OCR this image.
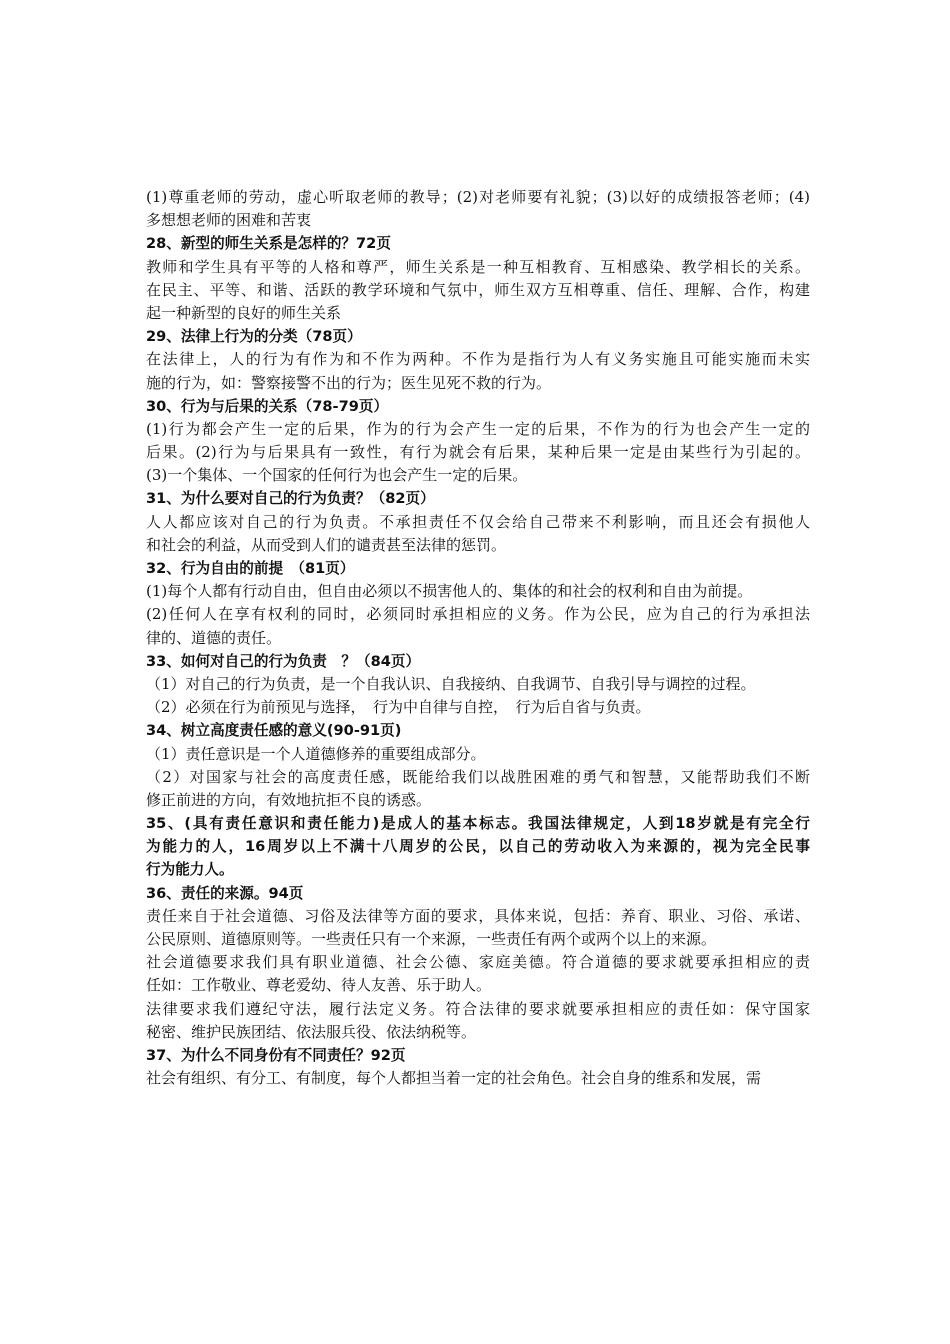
(1)尊重老师的劳动，虚心听取老师的教导；(2)对老师要有礼貌；(3)以好的成绩报答老师；(4)
多想想老师的困难和苦衷
28、新型的师生关系是怎样的？72页
教师和学生具有平等的人格和尊严，师生关系是一种互相教育、互相感染、教学相长的关系。
在民主、平等、和谐、活跃的教学环境和气氛中，师生双方互相尊重、信任、理解、合作，构建
起一种新型的良好的师生关系
29、法律上行为的分类（78页）
在法律上，人的行为有作为和不作为两种。不作为是指行为人有义务实施且可能实施而未实
施的行为，如：警察接警不出的行为；医生见死不救的行为。
30、行为与后果的关系（78-79页）
(1)行为都会产生一定的后果，作为的行为会产生一定的后果，不作为的行为也会产生一定的
后果。(2)行为与后果具有一致性，有行为就会有后果，某种后果一定是由某些行为引起的。
(3)一个集体、一个国家的任何行为也会产生一定的后果。
31、为什么要对自己的行为负责？（82页）
人人都应该对自己的行为负责。不承担责任不仅会给自己带来不利影响，而且还会有损他人
和社会的利益，从而受到人们的谴责甚至法律的惩罚。
32、行为自由的前提　（81页）
(1)每个人都有行动自由，但自由必须以不损害他人的、集体的和社会的权利和自由为前提。
(2)任何人在享有权利的同时，必须同时承担相应的义务。作为公民，应为自己的行为承担法
律的、道德的责任。
33、如何对自己的行为负责　？（84页）
（1）对自己的行为负责，是一个自我认识、自我接纳、自我调节、自我引导与调控的过程。
（2）必须在行为前预见与选择，　行为中自律与自控，　行为后自省与负责。
34、树立高度责任感的意义(90-91页)
（1）责任意识是一个人道德修养的重要组成部分。
（2）对国家与社会的高度责任感，既能给我们以战胜困难的勇气和智慧，又能帮助我们不断
修正前进的方向，有效地抗拒不良的诱惑。
35、(具有责任意识和责任能力)是成人的基本标志。我国法律规定，人到18岁就是有完全行
为能力的人，16周岁以上不满十八周岁的公民，以自己的劳动收入为来源的，视为完全民事
行为能力人。
36、责任的来源。94页
责任来自于社会道德、习俗及法律等方面的要求，具体来说，包括：养育、职业、习俗、承诺、
公民原则、道德原则等。一些责任只有一个来源，一些责任有两个或两个以上的来源。
社会道德要求我们具有职业道德、社会公德、家庭美德。符合道德的要求就要承担相应的责
任如：工作敬业、尊老爱幼、待人友善、乐于助人。
法律要求我们遵纪守法，履行法定义务。符合法律的要求就要承担相应的责任如：保守国家
秘密、维护民族团结、依法服兵役、依法纳税等。
37、为什么不同身份有不同责任？92页
社会有组织、有分工、有制度，每个人都担当着一定的社会角色。社会自身的维系和发展，需
